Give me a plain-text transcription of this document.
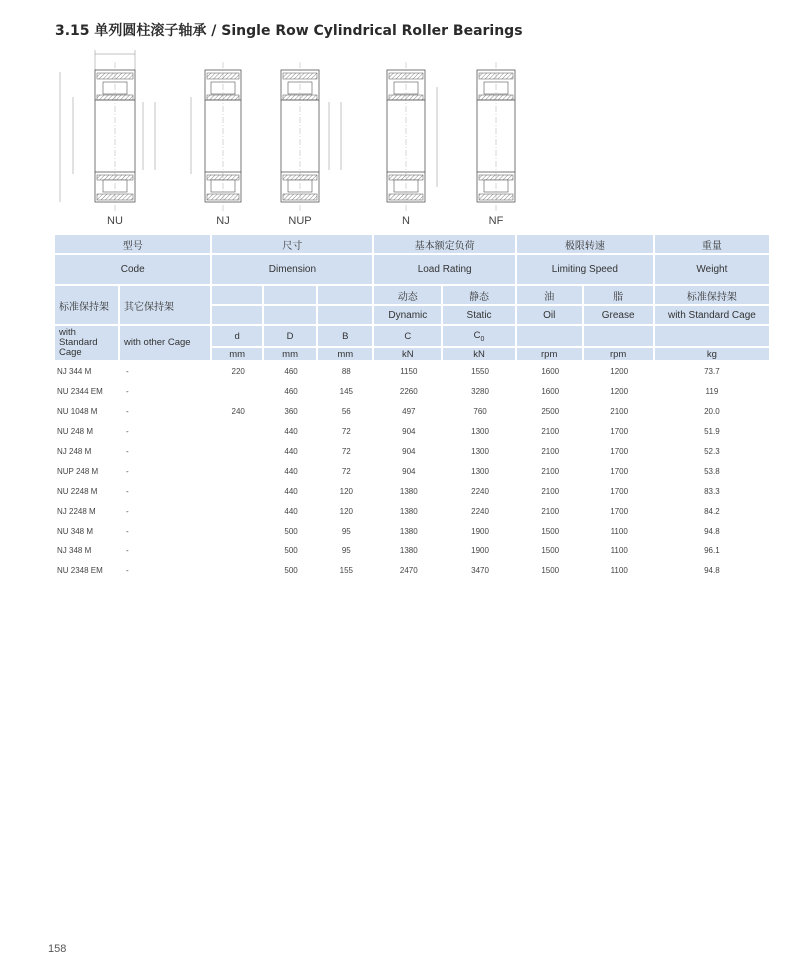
3.15 单列圆柱滚子轴承 / Single Row Cylindrical Roller Bearings
NU	NJ	NUP	N	NF
型号		尺寸			基本额定负荷		极限转速		重量
Code		Dimension			Load Rating		Limiting Speed		Weight
标准保持架	其它保持架				动态	静态	油	脂	标准保持架
					Dynamic	Static	Oil	Grease	with Standard Cage
with Standard Cage	with other Cage	d	D	B	C	$C_0$			
		mm	mm	mm	kN	kN	rpm	rpm	kg
NJ 344 M	-	220	460	88	1150	1550	1600	1200	73.7
NU 2344 EM	-		460	145	2260	3280	1600	1200	119
NU 1048 M	-	240	360	56	497	760	2500	2100	20.0
NU 248 M	-		440	72	904	1300	2100	1700	51.9
NJ 248 M	-		440	72	904	1300	2100	1700	52.3
NUP 248 M	-		440	72	904	1300	2100	1700	53.8
NU 2248 M	-		440	120	1380	2240	2100	1700	83.3
NJ 2248 M	-		440	120	1380	2240	2100	1700	84.2
NU 348 M	-		500	95	1380	1900	1500	1100	94.8
NJ 348 M	-		500	95	1380	1900	1500	1100	96.1
NU 2348 EM	-		500	155	2470	3470	1500	1100	94.8
158
